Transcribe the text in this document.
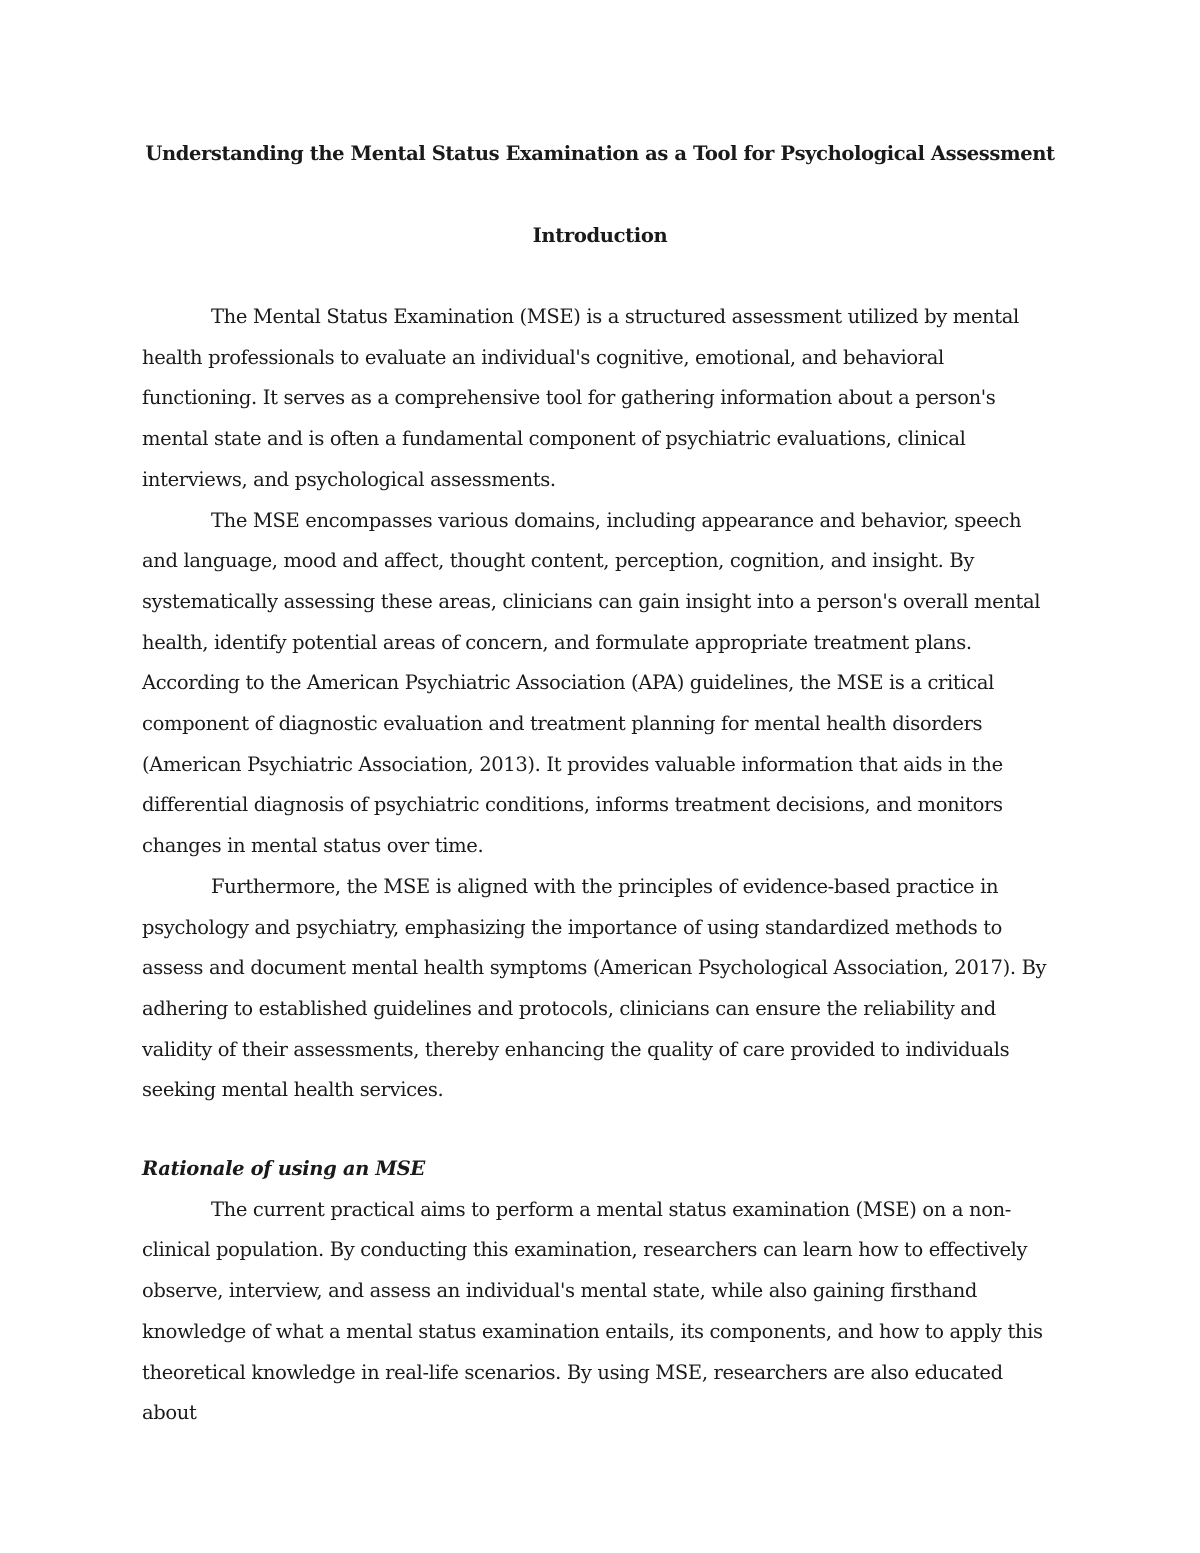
Understanding the Mental Status Examination as a Tool for Psychological Assessment
Introduction

The Mental Status Examination (MSE) is a structured assessment utilized by mental health professionals to evaluate an individual's cognitive, emotional, and behavioral functioning. It serves as a comprehensive tool for gathering information about a person's mental state and is often a fundamental component of psychiatric evaluations, clinical interviews, and psychological assessments.

The MSE encompasses various domains, including appearance and behavior, speech and language, mood and affect, thought content, perception, cognition, and insight. By systematically assessing these areas, clinicians can gain insight into a person's overall mental health, identify potential areas of concern, and formulate appropriate treatment plans.

According to the American Psychiatric Association (APA) guidelines, the MSE is a critical component of diagnostic evaluation and treatment planning for mental health disorders (American Psychiatric Association, 2013). It provides valuable information that aids in the differential diagnosis of psychiatric conditions, informs treatment decisions, and monitors changes in mental status over time.

Furthermore, the MSE is aligned with the principles of evidence-based practice in psychology and psychiatry, emphasizing the importance of using standardized methods to assess and document mental health symptoms (American Psychological Association, 2017). By adhering to established guidelines and protocols, clinicians can ensure the reliability and validity of their assessments, thereby enhancing the quality of care provided to individuals seeking mental health services.

Rationale of using an MSE

The current practical aims to perform a mental status examination (MSE) on a non-clinical population. By conducting this examination, researchers can learn how to effectively observe, interview, and assess an individual's mental state, while also gaining firsthand knowledge of what a mental status examination entails, its components, and how to apply this theoretical knowledge in real-life scenarios. By using MSE, researchers are also educated about
